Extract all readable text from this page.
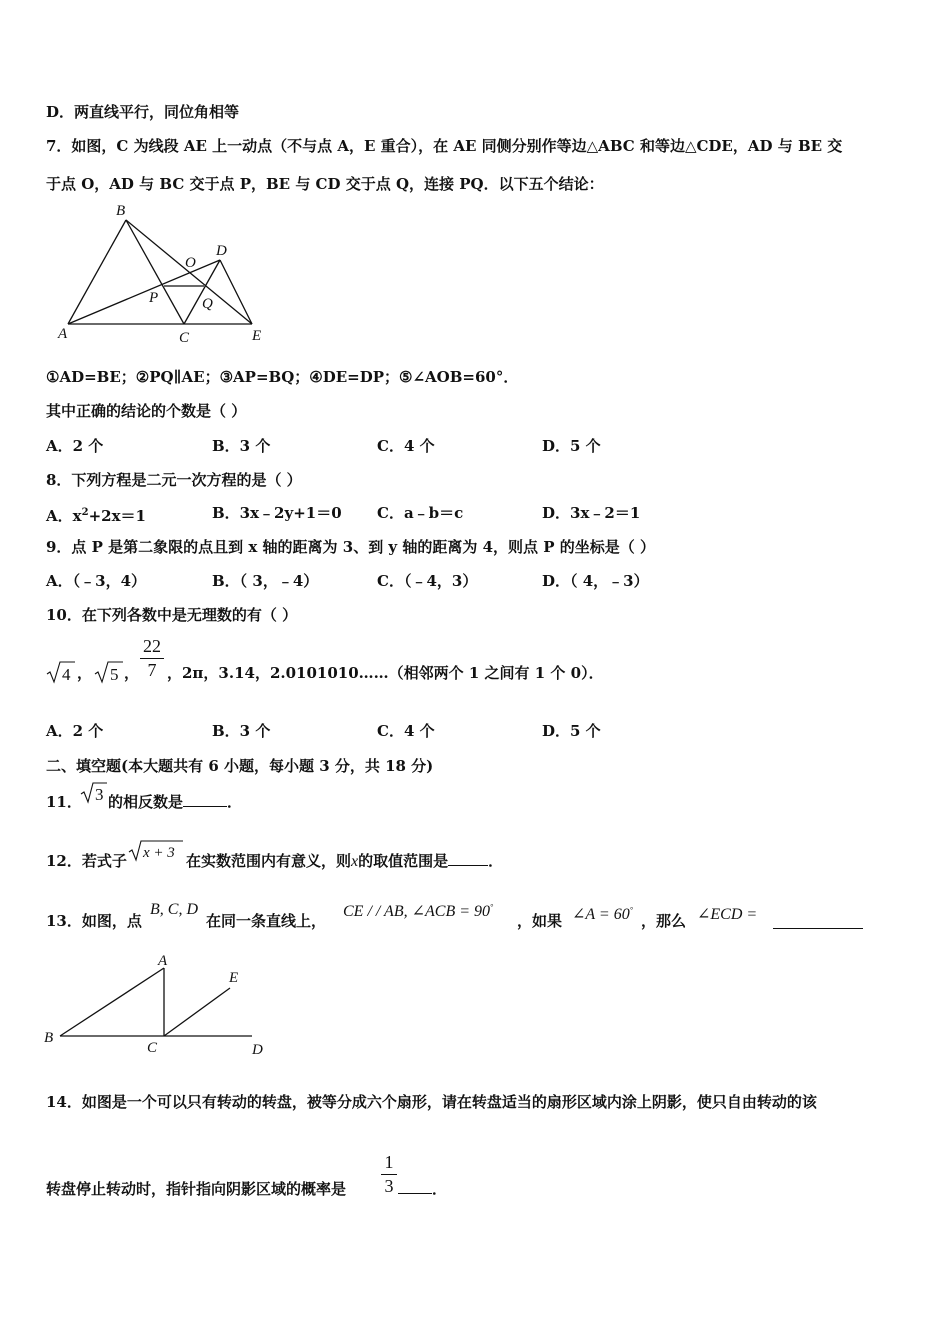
D．两直线平行，同位角相等
7．如图，C 为线段 AE 上一动点（不与点 A，E 重合），在 AE 同侧分别作等边△ABC 和等边△CDE，AD 与 BE 交
于点 O，AD 与 BC 交于点 P，BE 与 CD 交于点 Q，连接 PQ．以下五个结论：
B
D
O
P	Q
A	C	E
①AD=BE；②PQ∥AE；③AP=BQ；④DE=DP；⑤∠AOB=60°．
其中正确的结论的个数是（ ）
A．2 个	B．3 个	C．4 个	D．5 个
8．下列方程是二元一次方程的是（ ）
A．$x^2+2x=1$	B．3x﹣2y+1＝0 C．a﹣b＝c	D．3x﹣2＝1
9．点 P 是第二象限的点且到 x 轴的距离为 3、到 y 轴的距离为 4，则点 P 的坐标是（ ）
A．（﹣3，4）	B．（ 3，﹣4）	C．（﹣4，3）	D．（ 4，﹣3）
10．在下列各数中是无理数的有（ ）
4 ， 5 ，
22
7 ，2π，3.14，2.0101010……（相邻两个 1 之间有 1 个 0）．
A．2 个	B．3 个	C．4 个	D．5 个
二、填空题(本大题共有 6 小题，每小题 3 分，共 18 分)
11． 3 的相反数是	．
12．若式子 x + 3 在实数范围内有意义，则x的取值范围是	．
13．如图，点
B, C, D
在同一条直线上，
CE / / AB, ∠ACB = 90°
，如果 ∠A = 60°
，那么 ∠ECD =
A
E
B
C	D
14．如图是一个可以只有转动的转盘，被等分成六个扇形，请在转盘适当的扇形区域内涂上阴影，使只自由转动的该
转盘停止转动时，指针指向阴影区域的概率是
1
3	．
